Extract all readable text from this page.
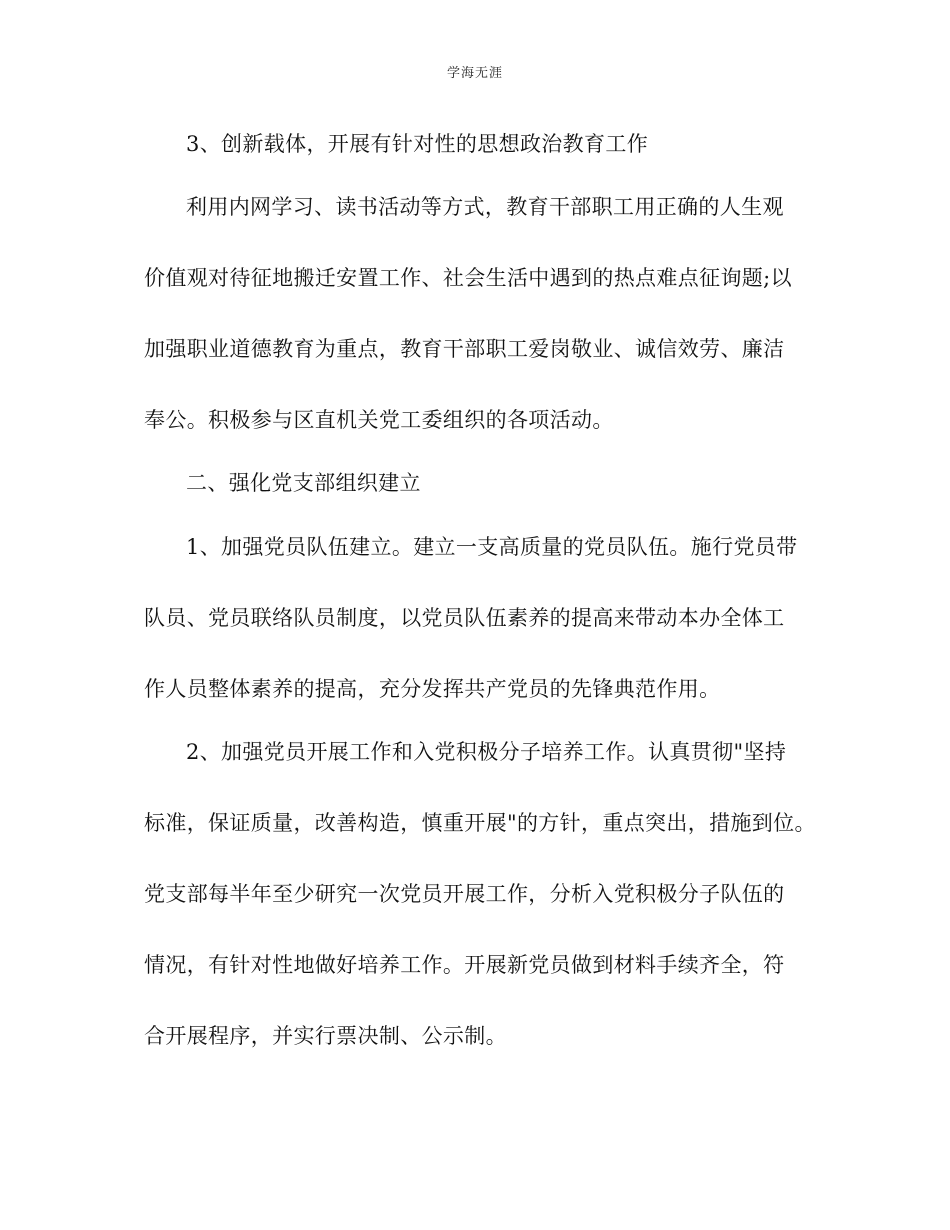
学海无涯
3、创新载体，开展有针对性的思想政治教育工作
利用内网学习、读书活动等方式，教育干部职工用正确的人生观
价值观对待征地搬迁安置工作、社会生活中遇到的热点难点征询题;以
加强职业道德教育为重点，教育干部职工爱岗敬业、诚信效劳、廉洁
奉公。积极参与区直机关党工委组织的各项活动。
二、强化党支部组织建立
1、加强党员队伍建立。建立一支高质量的党员队伍。施行党员带
队员、党员联络队员制度，以党员队伍素养的提高来带动本办全体工
作人员整体素养的提高，充分发挥共产党员的先锋典范作用。
2、加强党员开展工作和入党积极分子培养工作。认真贯彻"坚持
标准，保证质量，改善构造，慎重开展"的方针，重点突出，措施到位。
党支部每半年至少研究一次党员开展工作，分析入党积极分子队伍的
情况，有针对性地做好培养工作。开展新党员做到材料手续齐全，符
合开展程序，并实行票决制、公示制。
